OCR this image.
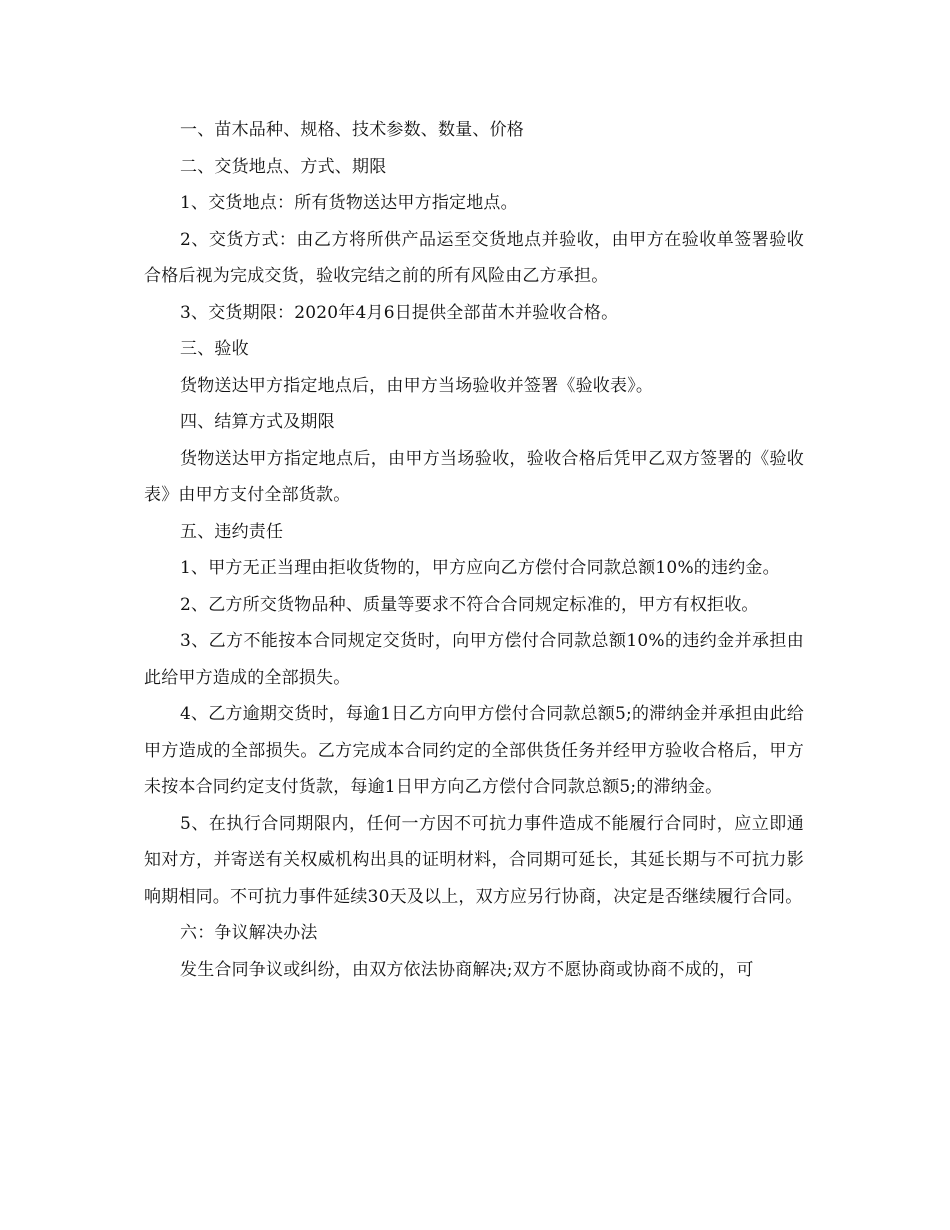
一、苗木品种、规格、技术参数、数量、价格

二、交货地点、方式、期限

1、交货地点：所有货物送达甲方指定地点。

2、交货方式：由乙方将所供产品运至交货地点并验收，由甲方在验收单签署验收合格后视为完成交货，验收完结之前的所有风险由乙方承担。

3、交货期限：2020年4月6日提供全部苗木并验收合格。

三、验收

货物送达甲方指定地点后，由甲方当场验收并签署《验收表》。

四、结算方式及期限

货物送达甲方指定地点后，由甲方当场验收，验收合格后凭甲乙双方签署的《验收表》由甲方支付全部货款。

五、违约责任

1、甲方无正当理由拒收货物的，甲方应向乙方偿付合同款总额10%的违约金。

2、乙方所交货物品种、质量等要求不符合合同规定标准的，甲方有权拒收。

3、乙方不能按本合同规定交货时，向甲方偿付合同款总额10%的违约金并承担由此给甲方造成的全部损失。

4、乙方逾期交货时，每逾1日乙方向甲方偿付合同款总额5;的滞纳金并承担由此给甲方造成的全部损失。乙方完成本合同约定的全部供货任务并经甲方验收合格后，甲方未按本合同约定支付货款，每逾1日甲方向乙方偿付合同款总额5;的滞纳金。

5、在执行合同期限内，任何一方因不可抗力事件造成不能履行合同时，应立即通知对方，并寄送有关权威机构出具的证明材料，合同期可延长，其延长期与不可抗力影响期相同。不可抗力事件延续30天及以上，双方应另行协商，决定是否继续履行合同。

六：争议解决办法

发生合同争议或纠纷，由双方依法协商解决;双方不愿协商或协商不成的，可
